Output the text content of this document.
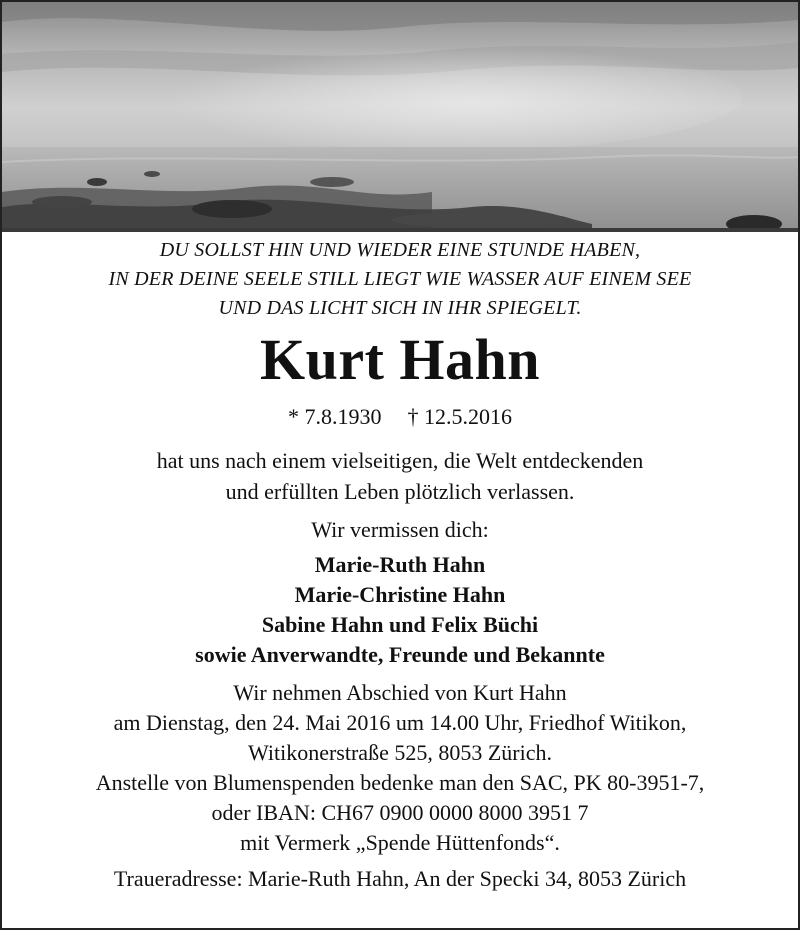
DU SOLLST HIN UND WIEDER EINE STUNDE HABEN,
IN DER DEINE SEELE STILL LIEGT WIE WASSER AUF EINEM SEE
UND DAS LICHT SICH IN IHR SPIEGELT.
Kurt Hahn
* 7.8.1930 † 12.5.2016
hat uns nach einem vielseitigen, die Welt entdeckenden
und erfüllten Leben plötzlich verlassen.
Wir vermissen dich:
Marie-Ruth Hahn
Marie-Christine Hahn
Sabine Hahn und Felix Büchi
sowie Anverwandte, Freunde und Bekannte
Wir nehmen Abschied von Kurt Hahn
am Dienstag, den 24. Mai 2016 um 14.00 Uhr, Friedhof Witikon,
Witikonerstraße 525, 8053 Zürich.
Anstelle von Blumenspenden bedenke man den SAC, PK 80-3951-7,
oder IBAN: CH67 0900 0000 8000 3951 7
mit Vermerk „Spende Hüttenfonds“.
Traueradresse: Marie-Ruth Hahn, An der Specki 34, 8053 Zürich
